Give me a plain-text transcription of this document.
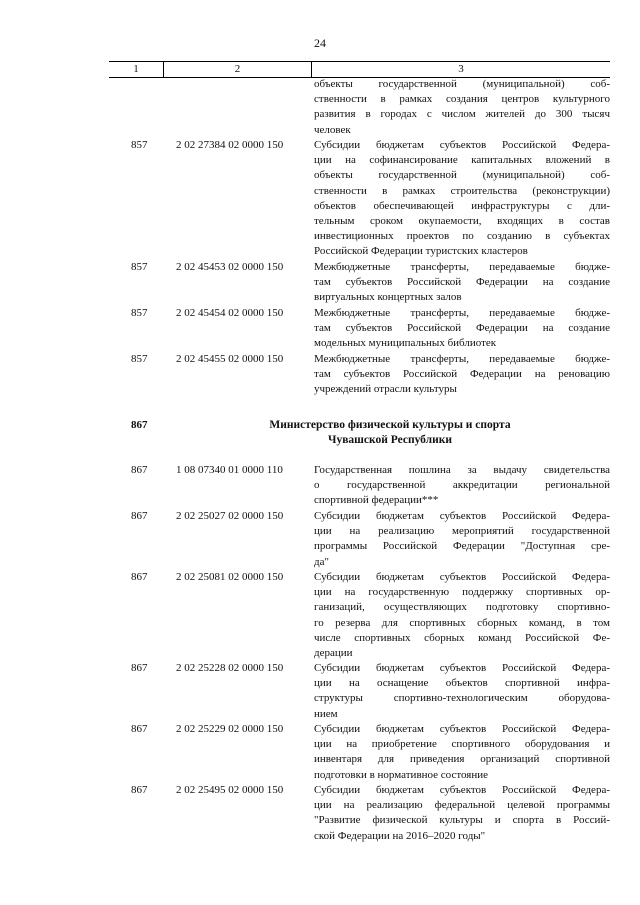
24
1	2	3
объекты государственной (муниципальной) соб-
ственности в рамках создания центров культурного
развития в городах с числом жителей до 300 тысяч
человек
857	2 02 27384 02 0000 150	Субсидии бюджетам субъектов Российской Федера-
ции на софинансирование капитальных вложений в
объекты государственной (муниципальной) соб-
ственности в рамках строительства (реконструкции)
объектов обеспечивающей инфраструктуры с дли-
тельным сроком окупаемости, входящих в состав
инвестиционных проектов по созданию в субъектах
Российской Федерации туристских кластеров
857	2 02 45453 02 0000 150	Межбюджетные трансферты, передаваемые бюдже-
там субъектов Российской Федерации на создание
виртуальных концертных залов
857	2 02 45454 02 0000 150	Межбюджетные трансферты, передаваемые бюдже-
там субъектов Российской Федерации на создание
модельных муниципальных библиотек
857	2 02 45455 02 0000 150	Межбюджетные трансферты, передаваемые бюдже-
там субъектов Российской Федерации на реновацию
учреждений отрасли культуры
867	Министерство физической культуры и спорта
Чувашской Республики
867	1 08 07340 01 0000 110	Государственная пошлина за выдачу свидетельства
о государственной аккредитации региональной
спортивной федерации***
867	2 02 25027 02 0000 150	Субсидии бюджетам субъектов Российской Федера-
ции на реализацию мероприятий государственной
программы Российской Федерации "Доступная сре-
да"
867	2 02 25081 02 0000 150	Субсидии бюджетам субъектов Российской Федера-
ции на государственную поддержку спортивных ор-
ганизаций, осуществляющих подготовку спортивно-
го резерва для спортивных сборных команд, в том
числе спортивных сборных команд Российской Фе-
дерации
867	2 02 25228 02 0000 150	Субсидии бюджетам субъектов Российской Федера-
ции на оснащение объектов спортивной инфра-
структуры спортивно-технологическим оборудова-
нием
867	2 02 25229 02 0000 150	Субсидии бюджетам субъектов Российской Федера-
ции на приобретение спортивного оборудования и
инвентаря для приведения организаций спортивной
подготовки в нормативное состояние
867	2 02 25495 02 0000 150	Субсидии бюджетам субъектов Российской Федера-
ции на реализацию федеральной целевой программы
"Развитие физической культуры и спорта в Россий-
ской Федерации на 2016–2020 годы"
